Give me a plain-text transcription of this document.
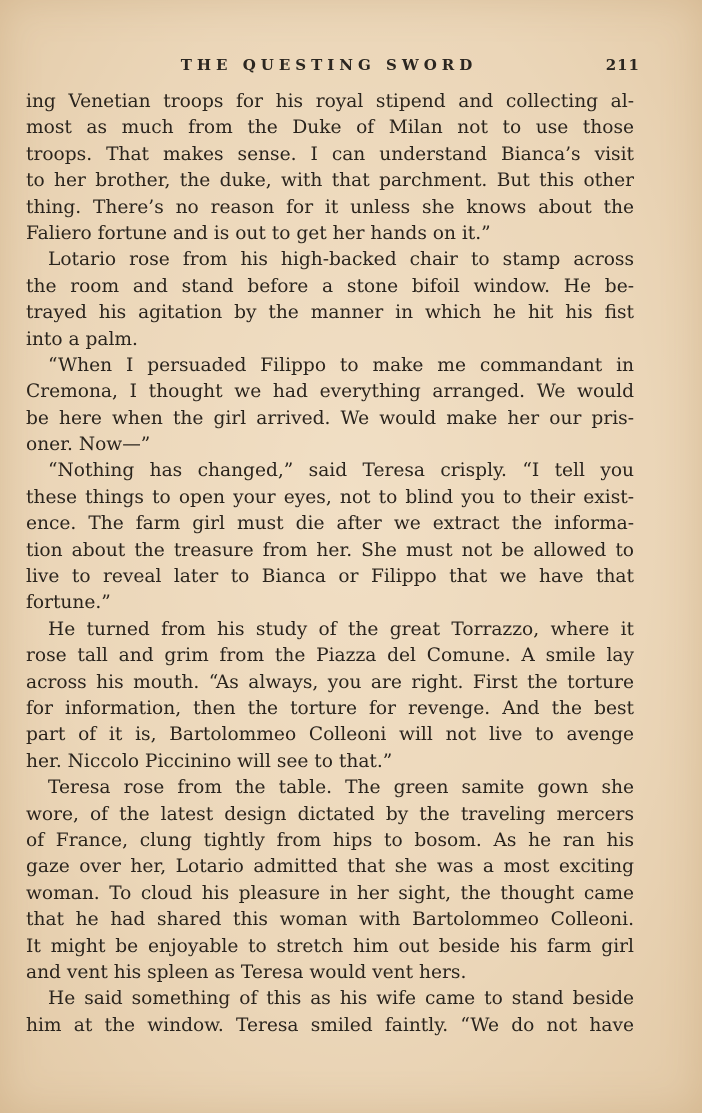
THE QUESTING SWORD	211
ing Venetian troops for his royal stipend and collecting al-
most as much from the Duke of Milan not to use those
troops. That makes sense. I can understand Bianca’s visit
to her brother, the duke, with that parchment. But this other
thing. There’s no reason for it unless she knows about the
Faliero fortune and is out to get her hands on it.”
Lotario rose from his high-backed chair to stamp across
the room and stand before a stone bifoil window. He be-
trayed his agitation by the manner in which he hit his fist
into a palm.
“When I persuaded Filippo to make me commandant in
Cremona, I thought we had everything arranged. We would
be here when the girl arrived. We would make her our pris-
oner. Now—”
“Nothing has changed,” said Teresa crisply. “I tell you
these things to open your eyes, not to blind you to their exist-
ence. The farm girl must die after we extract the informa-
tion about the treasure from her. She must not be allowed to
live to reveal later to Bianca or Filippo that we have that
fortune.”
He turned from his study of the great Torrazzo, where it
rose tall and grim from the Piazza del Comune. A smile lay
across his mouth. “As always, you are right. First the torture
for information, then the torture for revenge. And the best
part of it is, Bartolommeo Colleoni will not live to avenge
her. Niccolo Piccinino will see to that.”
Teresa rose from the table. The green samite gown she
wore, of the latest design dictated by the traveling mercers
of France, clung tightly from hips to bosom. As he ran his
gaze over her, Lotario admitted that she was a most exciting
woman. To cloud his pleasure in her sight, the thought came
that he had shared this woman with Bartolommeo Colleoni.
It might be enjoyable to stretch him out beside his farm girl
and vent his spleen as Teresa would vent hers.
He said something of this as his wife came to stand beside
him at the window. Teresa smiled faintly. “We do not have
